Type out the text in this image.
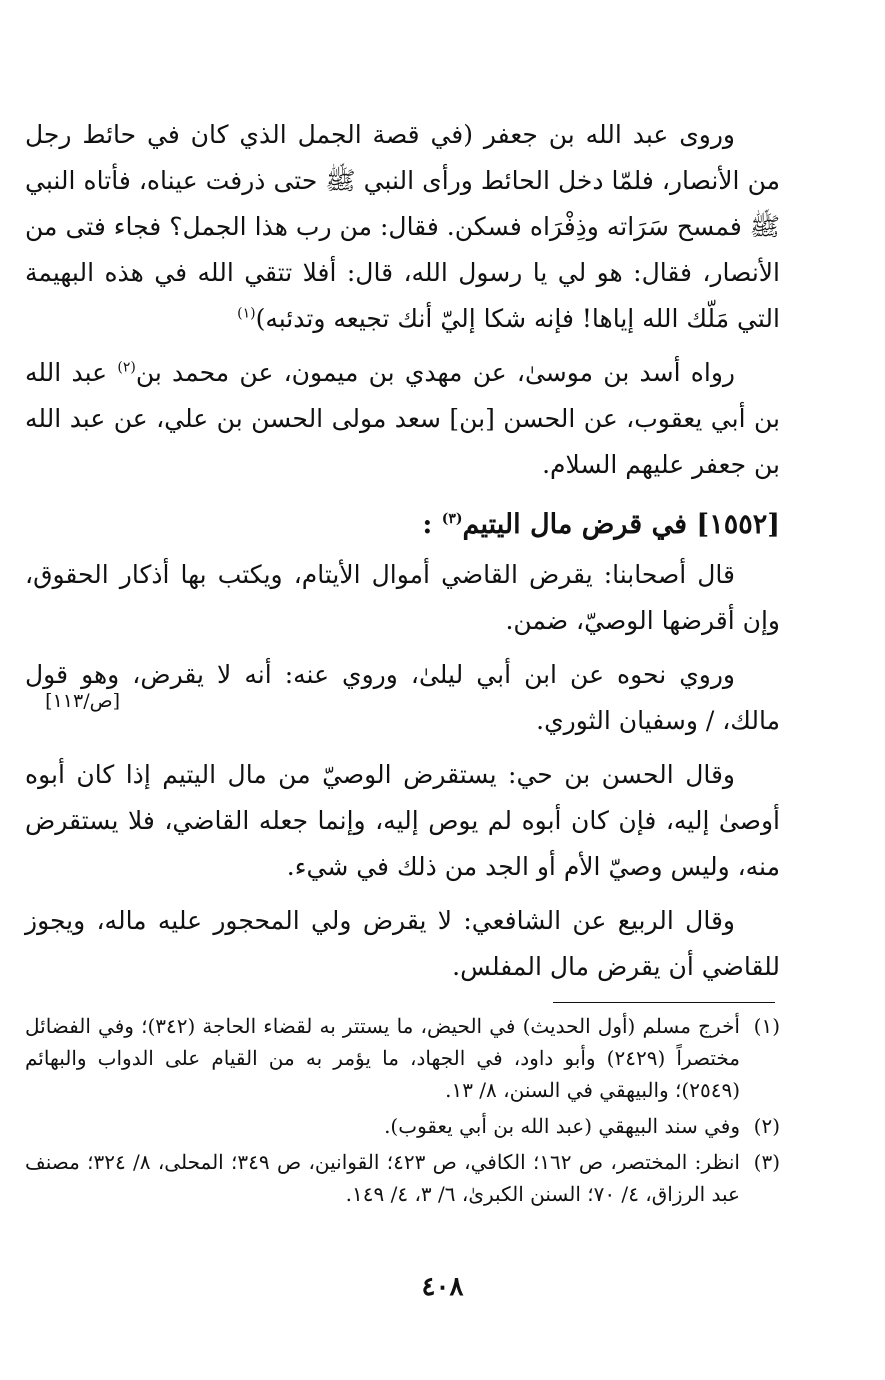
وروى عبد الله بن جعفر (في قصة الجمل الذي كان في حائط رجل من الأنصار، فلمّا دخل الحائط ورأى النبي ﷺ حتى ذرفت عيناه، فأتاه النبي ﷺ فمسح سَرَاته وذِفْرَاه فسكن. فقال: من رب هذا الجمل؟ فجاء فتى من الأنصار، فقال: هو لي يا رسول الله، قال: أفلا تتقي الله في هذه البهيمة التي مَلّك الله إياها! فإنه شكا إليّ أنك تجيعه وتدئبه)$^{(١)}$

رواه أسد بن موسىٰ، عن مهدي بن ميمون، عن محمد بن$^{(٢)}$ عبد الله بن أبي يعقوب، عن الحسن [بن] سعد مولى الحسن بن علي، عن عبد الله بن جعفر عليهم السلام.

[١٥٥٢] في قرض مال اليتيم$^{(٣)}$ :

قال أصحابنا: يقرض القاضي أموال الأيتام، ويكتب بها أذكار الحقوق، وإن أقرضها الوصيّ، ضمن.

وروي نحوه عن ابن أبي ليلىٰ، وروي عنه: أنه لا يقرض، وهو قول مالك، / وسفيان الثوري.

وقال الحسن بن حي: يستقرض الوصيّ من مال اليتيم إذا كان أبوه أوصىٰ إليه، فإن كان أبوه لم يوص إليه، وإنما جعله القاضي، فلا يستقرض منه، وليس وصيّ الأم أو الجد من ذلك في شيء.

وقال الربيع عن الشافعي: لا يقرض ولي المحجور عليه ماله، ويجوز للقاضي أن يقرض مال المفلس.

[ص/١١٣]
(١)
أخرج مسلم (أول الحديث) في الحيض، ما يستتر به لقضاء الحاجة (٣٤٢)؛ وفي الفضائل مختصراً (٢٤٢٩) وأبو داود، في الجهاد، ما يؤمر به من القيام على الدواب والبهائم (٢٥٤٩)؛ والبيهقي في السنن، ٨/ ١٣.
(٢)
وفي سند البيهقي (عبد الله بن أبي يعقوب).
(٣)
انظر: المختصر، ص ١٦٢؛ الكافي، ص ٤٢٣؛ القوانين، ص ٣٤٩؛ المحلى، ٨/ ٣٢٤؛ مصنف عبد الرزاق، ٤/ ٧٠؛ السنن الكبرىٰ، ٦/ ٣، ٤/ ١٤٩.
٤٠٨
